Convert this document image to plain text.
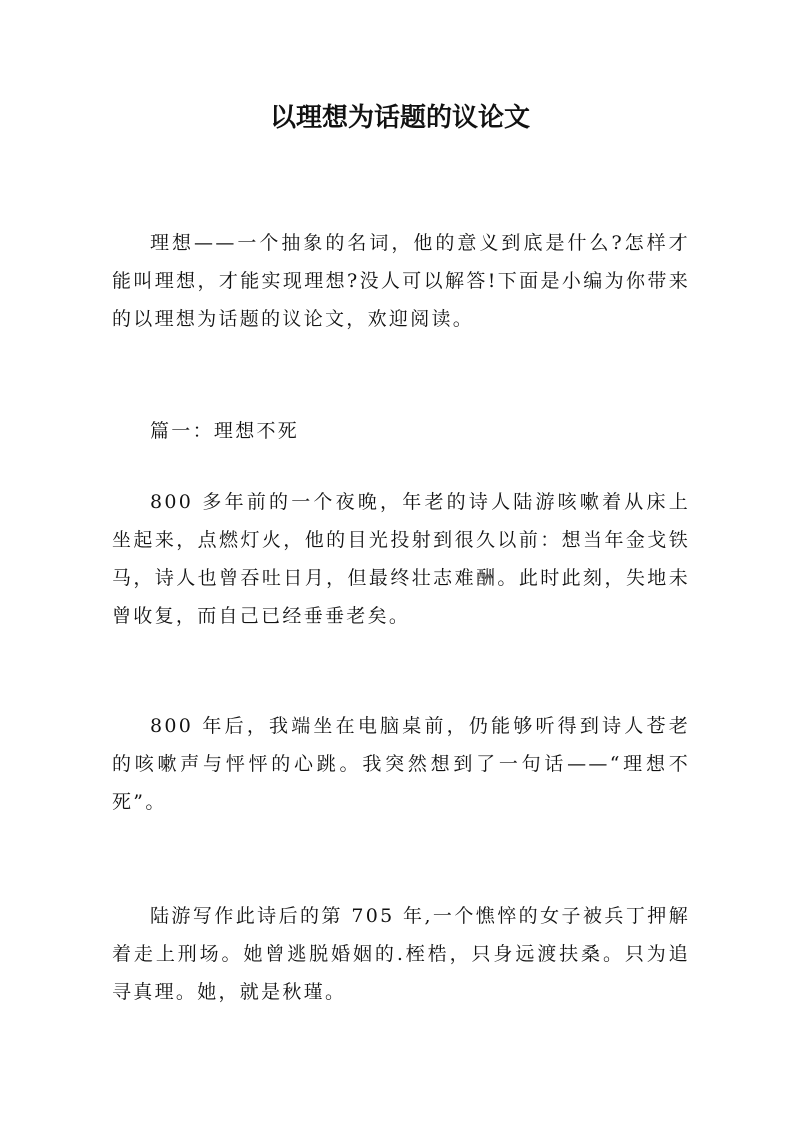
以理想为话题的议论文

理想——一个抽象的名词，他的意义到底是什么?怎样才能叫理想，才能实现理想?没人可以解答!下面是小编为你带来的以理想为话题的议论文，欢迎阅读。

篇一：理想不死

800 多年前的一个夜晚，年老的诗人陆游咳嗽着从床上坐起来，点燃灯火，他的目光投射到很久以前：想当年金戈铁马，诗人也曾吞吐日月，但最终壮志难酬。此时此刻，失地未曾收复，而自己已经垂垂老矣。

800 年后，我端坐在电脑桌前，仍能够听得到诗人苍老的咳嗽声与怦怦的心跳。我突然想到了一句话——“理想不死”。

陆游写作此诗后的第 705 年,一个憔悴的女子被兵丁押解着走上刑场。她曾逃脱婚姻的.桎梏，只身远渡扶桑。只为追寻真理。她，就是秋瑾。
